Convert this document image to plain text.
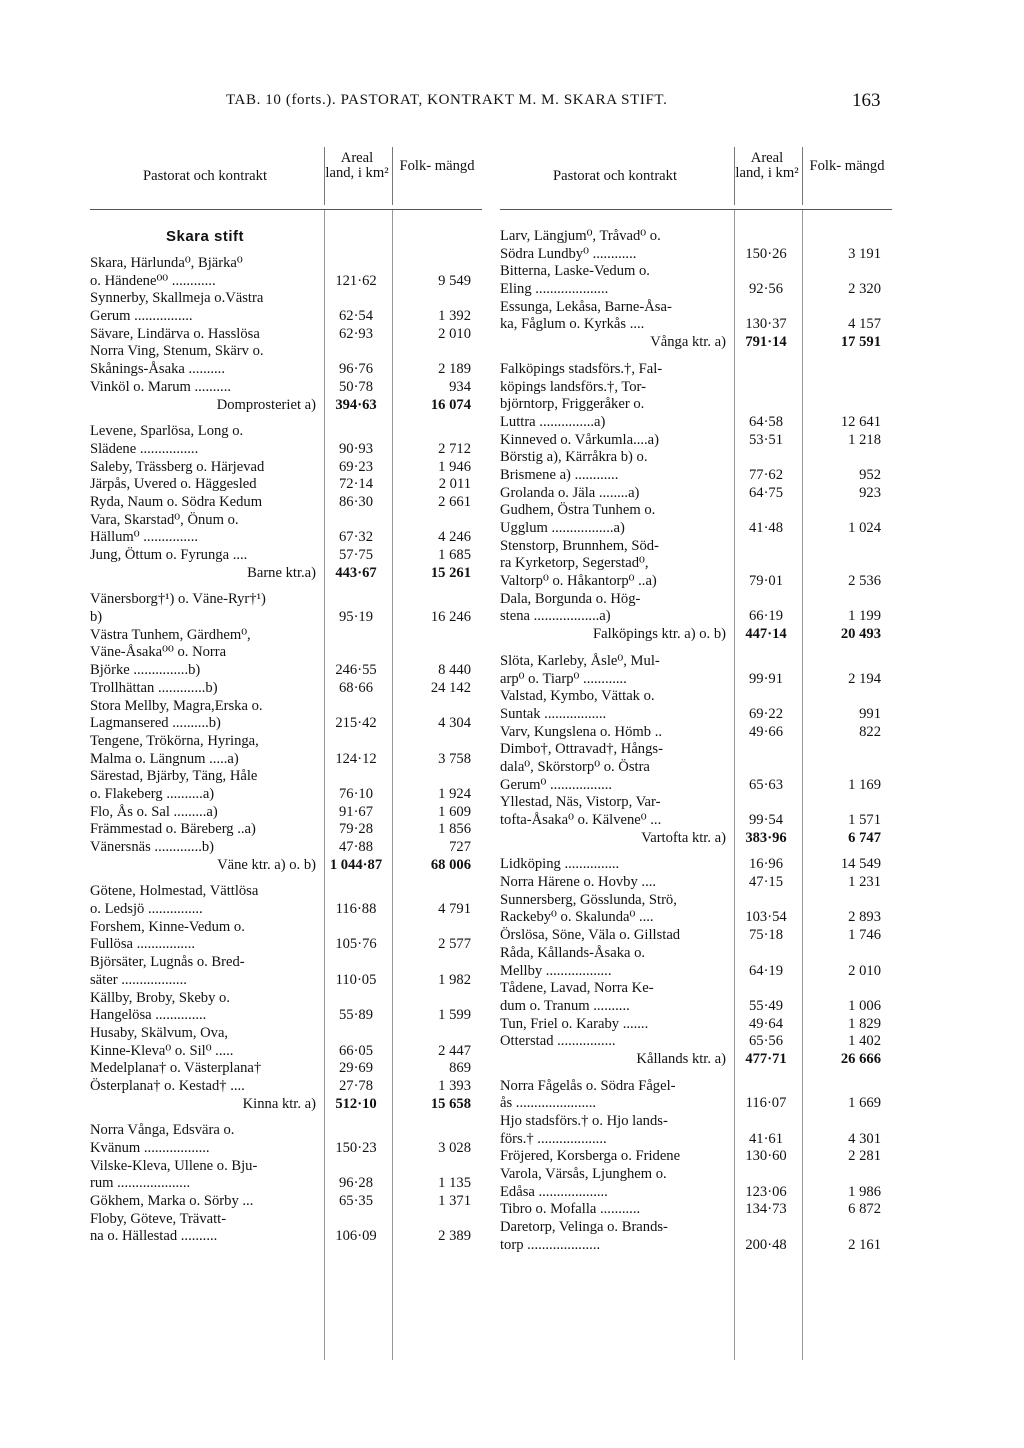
TAB. 10 (forts.). PASTORAT, KONTRAKT M. M. SKARA STIFT.	163
Pastorat och kontrakt
Areal land, i km² Folk- mängd
Skara stift
Skara, Härlunda⁰, Bjärka⁰
o. Händene⁰⁰ ............	121·62	9 549
Synnerby, Skallmeja o.Västra
Gerum ................	62·54	1 392
Sävare, Lindärva o. Hasslösa	62·93	2 010
Norra Ving, Stenum, Skärv o.
Skånings-Åsaka ..........	96·76	2 189
Vinköl o. Marum ..........	50·78	934
Domprosteriet a)	394·63	16 074
Levene, Sparlösa, Long o.
Slädene ................	90·93	2 712
Saleby, Trässberg o. Härjevad	69·23	1 946
Järpås, Uvered o. Häggesled	72·14	2 011
Ryda, Naum o. Södra Kedum	86·30	2 661
Vara, Skarstad⁰, Önum o.
Hällum⁰ ...............	67·32	4 246
Jung, Öttum o. Fyrunga ....	57·75	1 685
Barne ktr.a)	443·67	15 261
Vänersborg†¹) o. Väne-Ryr†¹)
b)	95·19	16 246
Västra Tunhem, Gärdhem⁰,
Väne-Åsaka⁰⁰ o. Norra
Björke ...............b)	246·55	8 440
Trollhättan .............b)	68·66	24 142
Stora Mellby, Magra,Erska o.
Lagmansered ..........b)	215·42	4 304
Tengene, Trökörna, Hyringa,
Malma o. Längnum .....a)	124·12	3 758
Särestad, Bjärby, Täng, Håle
o. Flakeberg ..........a)	76·10	1 924
Flo, Ås o. Sal .........a)	91·67	1 609
Främmestad o. Bäreberg ..a)	79·28	1 856
Vänersnäs .............b)	47·88	727
Väne ktr. a) o. b) 1 044·87	68 006
Götene, Holmestad, Vättlösa
o. Ledsjö ...............	116·88	4 791
Forshem, Kinne-Vedum o.
Fullösa ................	105·76	2 577
Björsäter, Lugnås o. Bred-
säter ..................	110·05	1 982
Källby, Broby, Skeby o.
Hangelösa ..............	55·89	1 599
Husaby, Skälvum, Ova,
Kinne-Kleva⁰ o. Sil⁰ .....	66·05	2 447
Medelplana† o. Västerplana†	29·69	869
Österplana† o. Kestad† ....	27·78	1 393
Kinna ktr. a)	512·10	15 658
Norra Vånga, Edsvära o.
Kvänum ..................	150·23	3 028
Vilske-Kleva, Ullene o. Bju-
rum ....................	96·28	1 135
Gökhem, Marka o. Sörby ...	65·35	1 371
Floby, Göteve, Trävatt-
na o. Hällestad ..........	106·09	2 389
Pastorat och kontrakt
Areal land, i km² Folk- mängd
Larv, Längjum⁰, Tråvad⁰ o.
Södra Lundby⁰ ............	150·26	3 191
Bitterna, Laske-Vedum o.
Eling ....................	92·56	2 320
Essunga, Lekåsa, Barne-Åsa-
ka, Fåglum o. Kyrkås ....	130·37	4 157
Vånga ktr. a)	791·14	17 591
Falköpings stadsförs.†, Fal-
köpings landsförs.†, Tor-
björntorp, Friggeråker o.
Luttra ...............a)	64·58	12 641
Kinneved o. Vårkumla....a)	53·51	1 218
Börstig a), Kärråkra b) o.
Brismene a) ............	77·62	952
Grolanda o. Jäla ........a)	64·75	923
Gudhem, Östra Tunhem o.
Ugglum .................a)	41·48	1 024
Stenstorp, Brunnhem, Söd-
ra Kyrketorp, Segerstad⁰,
Valtorp⁰ o. Håkantorp⁰ ..a)	79·01	2 536
Dala, Borgunda o. Hög-
stena ..................a)	66·19	1 199
Falköpings ktr. a) o. b)	447·14	20 493
Slöta, Karleby, Åsle⁰, Mul-
arp⁰ o. Tiarp⁰ ............	99·91	2 194
Valstad, Kymbo, Vättak o.
Suntak .................	69·22	991
Varv, Kungslena o. Hömb ..	49·66	822
Dimbo†, Ottravad†, Hångs-
dala⁰, Skörstorp⁰ o. Östra
Gerum⁰ .................	65·63	1 169
Yllestad, Näs, Vistorp, Var-
tofta-Åsaka⁰ o. Kälvene⁰ ...	99·54	1 571
Vartofta ktr. a)	383·96	6 747
Lidköping ...............	16·96	14 549
Norra Härene o. Hovby ....	47·15	1 231
Sunnersberg, Gösslunda, Strö,
Rackeby⁰ o. Skalunda⁰ ....	103·54	2 893
Örslösa, Söne, Väla o. Gillstad	75·18	1 746
Råda, Kållands-Åsaka o.
Mellby ..................	64·19	2 010
Tådene, Lavad, Norra Ke-
dum o. Tranum ..........	55·49	1 006
Tun, Friel o. Karaby .......	49·64	1 829
Otterstad ................	65·56	1 402
Kållands ktr. a)	477·71	26 666
Norra Fågelås o. Södra Fågel-
ås ......................	116·07	1 669
Hjo stadsförs.† o. Hjo lands-
förs.† ...................	41·61	4 301
Fröjered, Korsberga o. Fridene	130·60	2 281
Varola, Värsås, Ljunghem o.
Edåsa ...................	123·06	1 986
Tibro o. Mofalla ...........	134·73	6 872
Daretorp, Velinga o. Brands-
torp ....................	200·48	2 161
